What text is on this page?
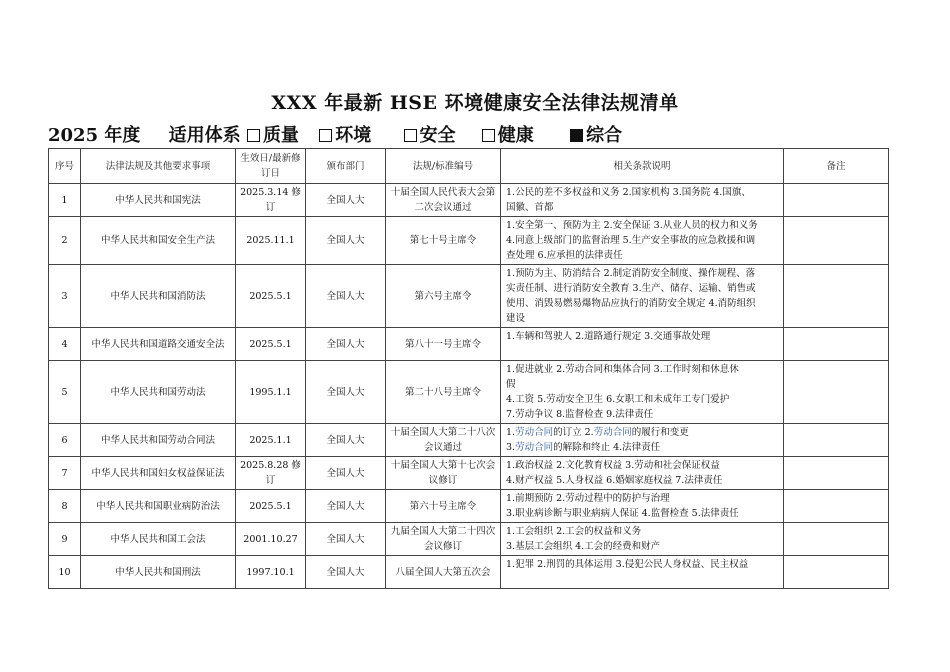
XXX 年最新 HSE 环境健康安全法律法规清单
2025 年度 适用体系 质量 环境	安全 健康	综合
序号	法律法规及其他要求事项	生效日/最新修订日	颁布部门	法规/标准编号	相关条款说明	备注
1	中华人民共和国宪法	2025.3.14 修订	全国人大	十届全国人民代表大会第二次会议通过	1.公民的差不多权益和义务 2.国家机构 3.国务院 4.国旗、
国徽、首都	

2	中华人民共和国安全生产法	2025.11.1	全国人大	第七十号主席令	1.安全第一、预防为主 2.安全保证 3.从业人员的权力和义务
4.同意上级部门的监督治理 5.生产安全事故的应急救援和调
查处理 6.应承担的法律责任	

3	中华人民共和国消防法	2025.5.1	全国人大	第六号主席令	1.预防为主、防消结合 2.制定消防安全制度、操作规程、落
实责任制、进行消防安全教育 3.生产、储存、运输、销售或
使用、消毁易燃易爆物品应执行的消防安全规定 4.消防组织
建设	

4	中华人民共和国道路交通安全法	2025.5.1	全国人大	第八十一号主席令	1.车辆和驾驶人 2.道路通行规定 3.交通事故处理	

5	中华人民共和国劳动法	1995.1.1	全国人大	第二十八号主席令	1.促进就业 2.劳动合同和集体合同 3.工作时刻和休息休
假
4.工资 5.劳动安全卫生 6.女职工和未成年工专门爱护
7.劳动争议 8.监督检查 9.法律责任	

6	中华人民共和国劳动合同法	2025.1.1	全国人大	十届全国人大第二十八次会议通过	1.劳动合同的订立 2.劳动合同的履行和变更
3.劳动合同的解除和终止 4.法律责任	

7	中华人民共和国妇女权益保证法	2025.8.28 修订	全国人大	十届全国人大第十七次会议修订	1.政治权益 2.文化教育权益 3.劳动和社会保证权益
4.财产权益 5.人身权益 6.婚姻家庭权益 7.法律责任	

8	中华人民共和国职业病防治法	2025.5.1	全国人大	第六十号主席令	1.前期预防 2.劳动过程中的防护与治理
3.职业病诊断与职业病病人保证 4.监督检查 5.法律责任	

9	中华人民共和国工会法	2001.10.27	全国人大	九届全国人大第二十四次会议修订	1.工会组织 2.工会的权益和义务
3.基层工会组织 4.工会的经费和财产	

10	中华人民共和国刑法	1997.10.1	全国人大	八届全国人大第五次会	1.犯罪 2.刑罚的具体运用 3.侵犯公民人身权益、民主权益	
